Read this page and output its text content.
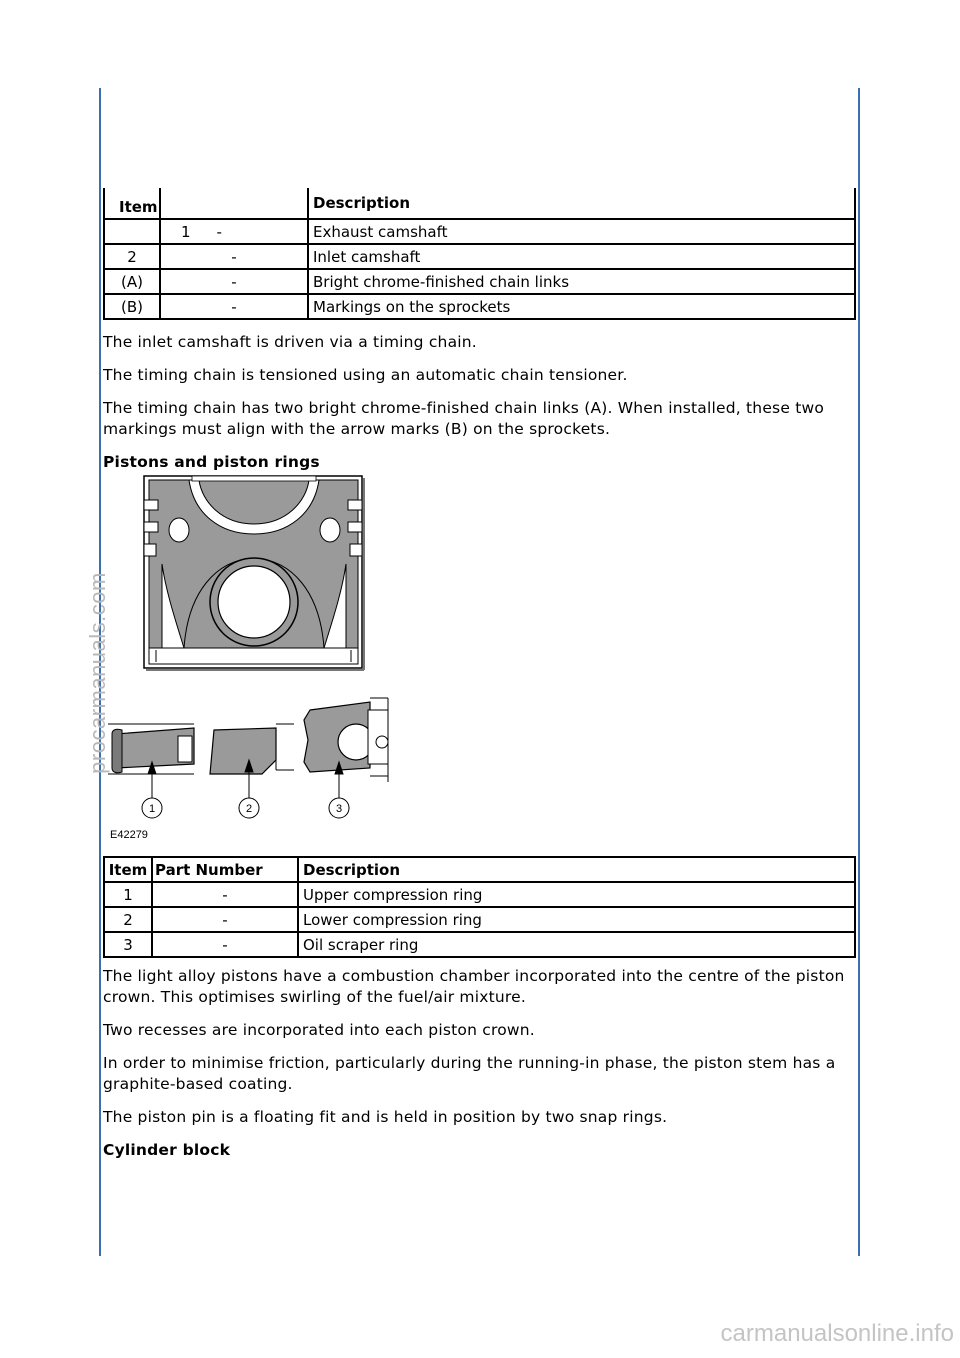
procarmanuals.com
Item		Description
	1 -	Exhaust camshaft
2	-	Inlet camshaft
(A)	-	Bright chrome-finished chain links
(B)	-	Markings on the sprockets

The inlet camshaft is driven via a timing chain.

The timing chain is tensioned using an automatic chain tensioner.

The timing chain has two bright chrome-finished chain links (A). When installed, these two markings must align with the arrow marks (B) on the sprockets.

Pistons and piston rings

1	2	3
E42279
Item	Part Number	Description
1	-	Upper compression ring
2	-	Lower compression ring
3	-	Oil scraper ring

The light alloy pistons have a combustion chamber incorporated into the centre of the piston crown. This optimises swirling of the fuel/air mixture.

Two recesses are incorporated into each piston crown.

In order to minimise friction, particularly during the running-in phase, the piston stem has a graphite-based coating.

The piston pin is a floating fit and is held in position by two snap rings.

Cylinder block

carmanualsonline.info
